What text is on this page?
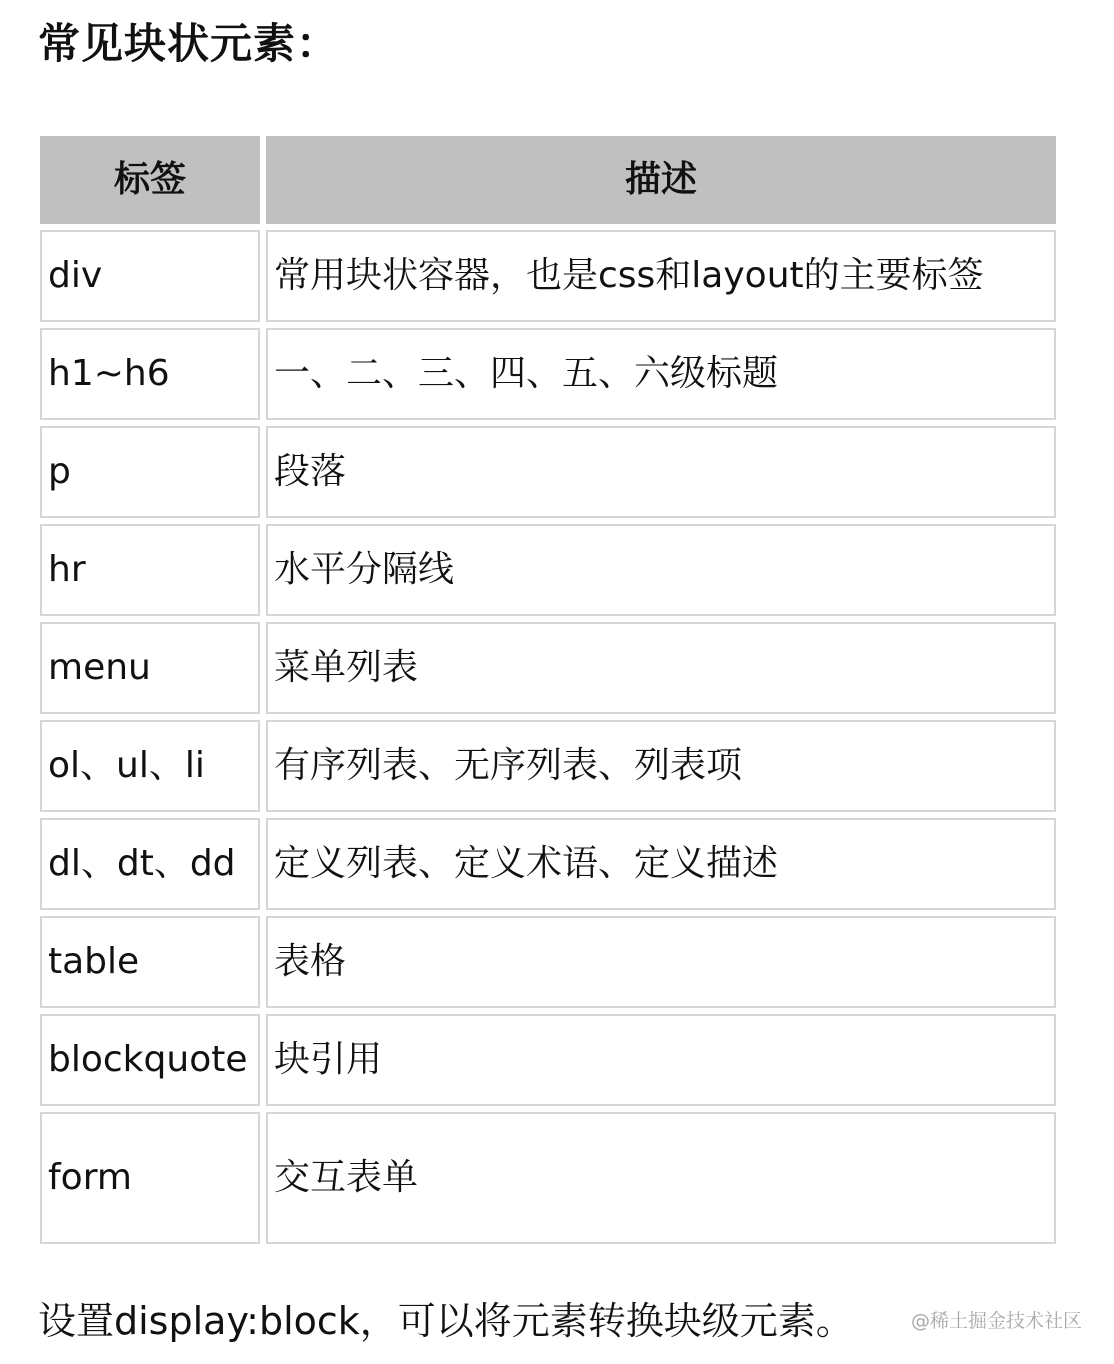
常见块状元素：
标签	描述
div	常用块状容器，也是css和layout的主要标签
h1~h6	一、二、三、四、五、六级标题
p	段落
hr	水平分隔线
menu	菜单列表
ol、ul、li	有序列表、无序列表、列表项
dl、dt、dd	定义列表、定义术语、定义描述
table	表格
blockquote	块引用
form	交互表单
设置display:block，可以将元素转换块级元素。	@稀土掘金技术社区
